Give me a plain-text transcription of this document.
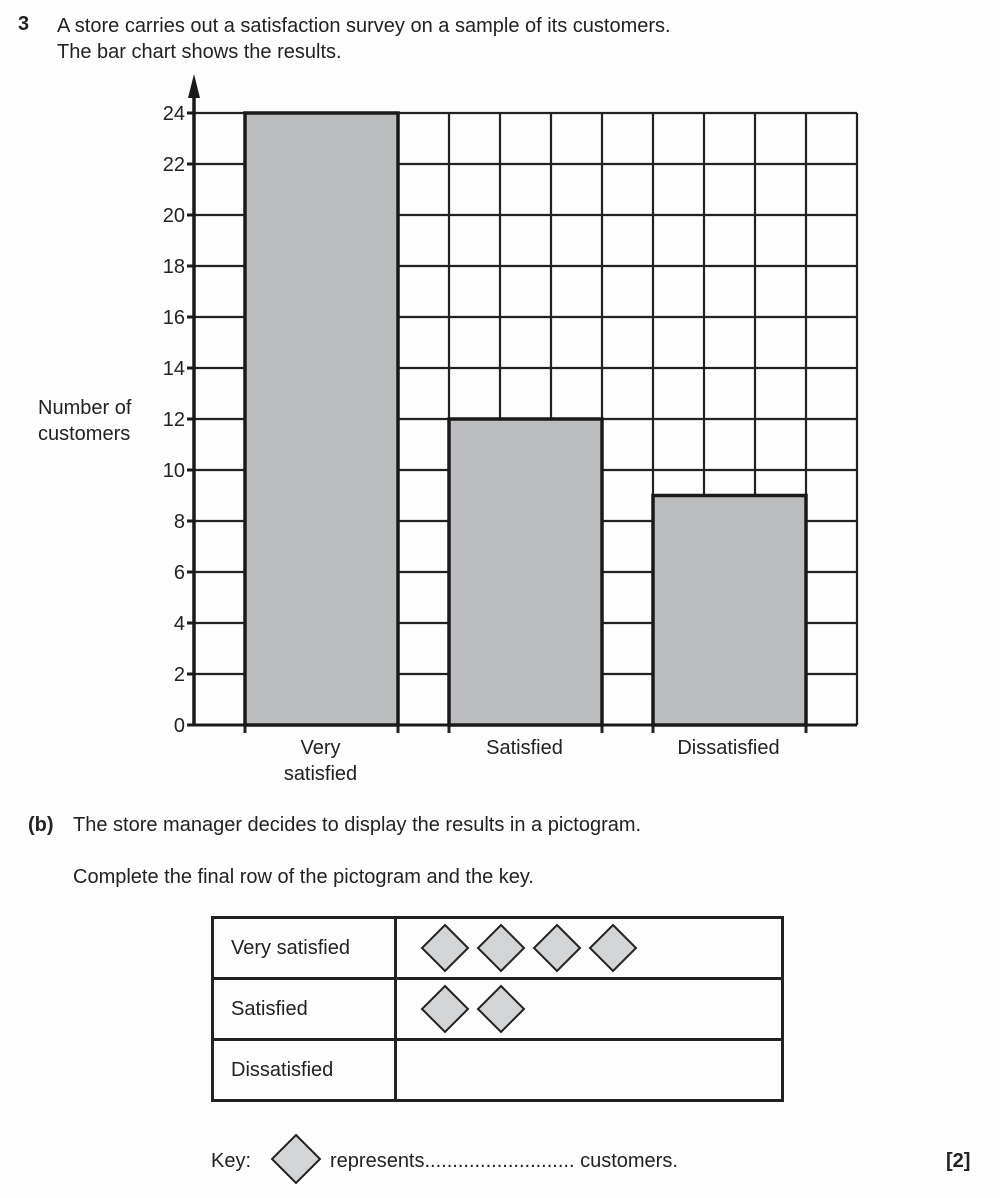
3 A store carries out a satisfaction survey on a sample of its customers.
The bar chart shows the results.
Number of
customers
Very
satisfied
Satisfied	Dissatisfied
0
2
4
6
8
10
12
14
16
18
20
22
24
(b) The store manager decides to display the results in a pictogram.
Complete the final row of the pictogram and the key.
Very satisfied	
Satisfied	
Dissatisfied	
Key:	represents........................... customers.	[2]
